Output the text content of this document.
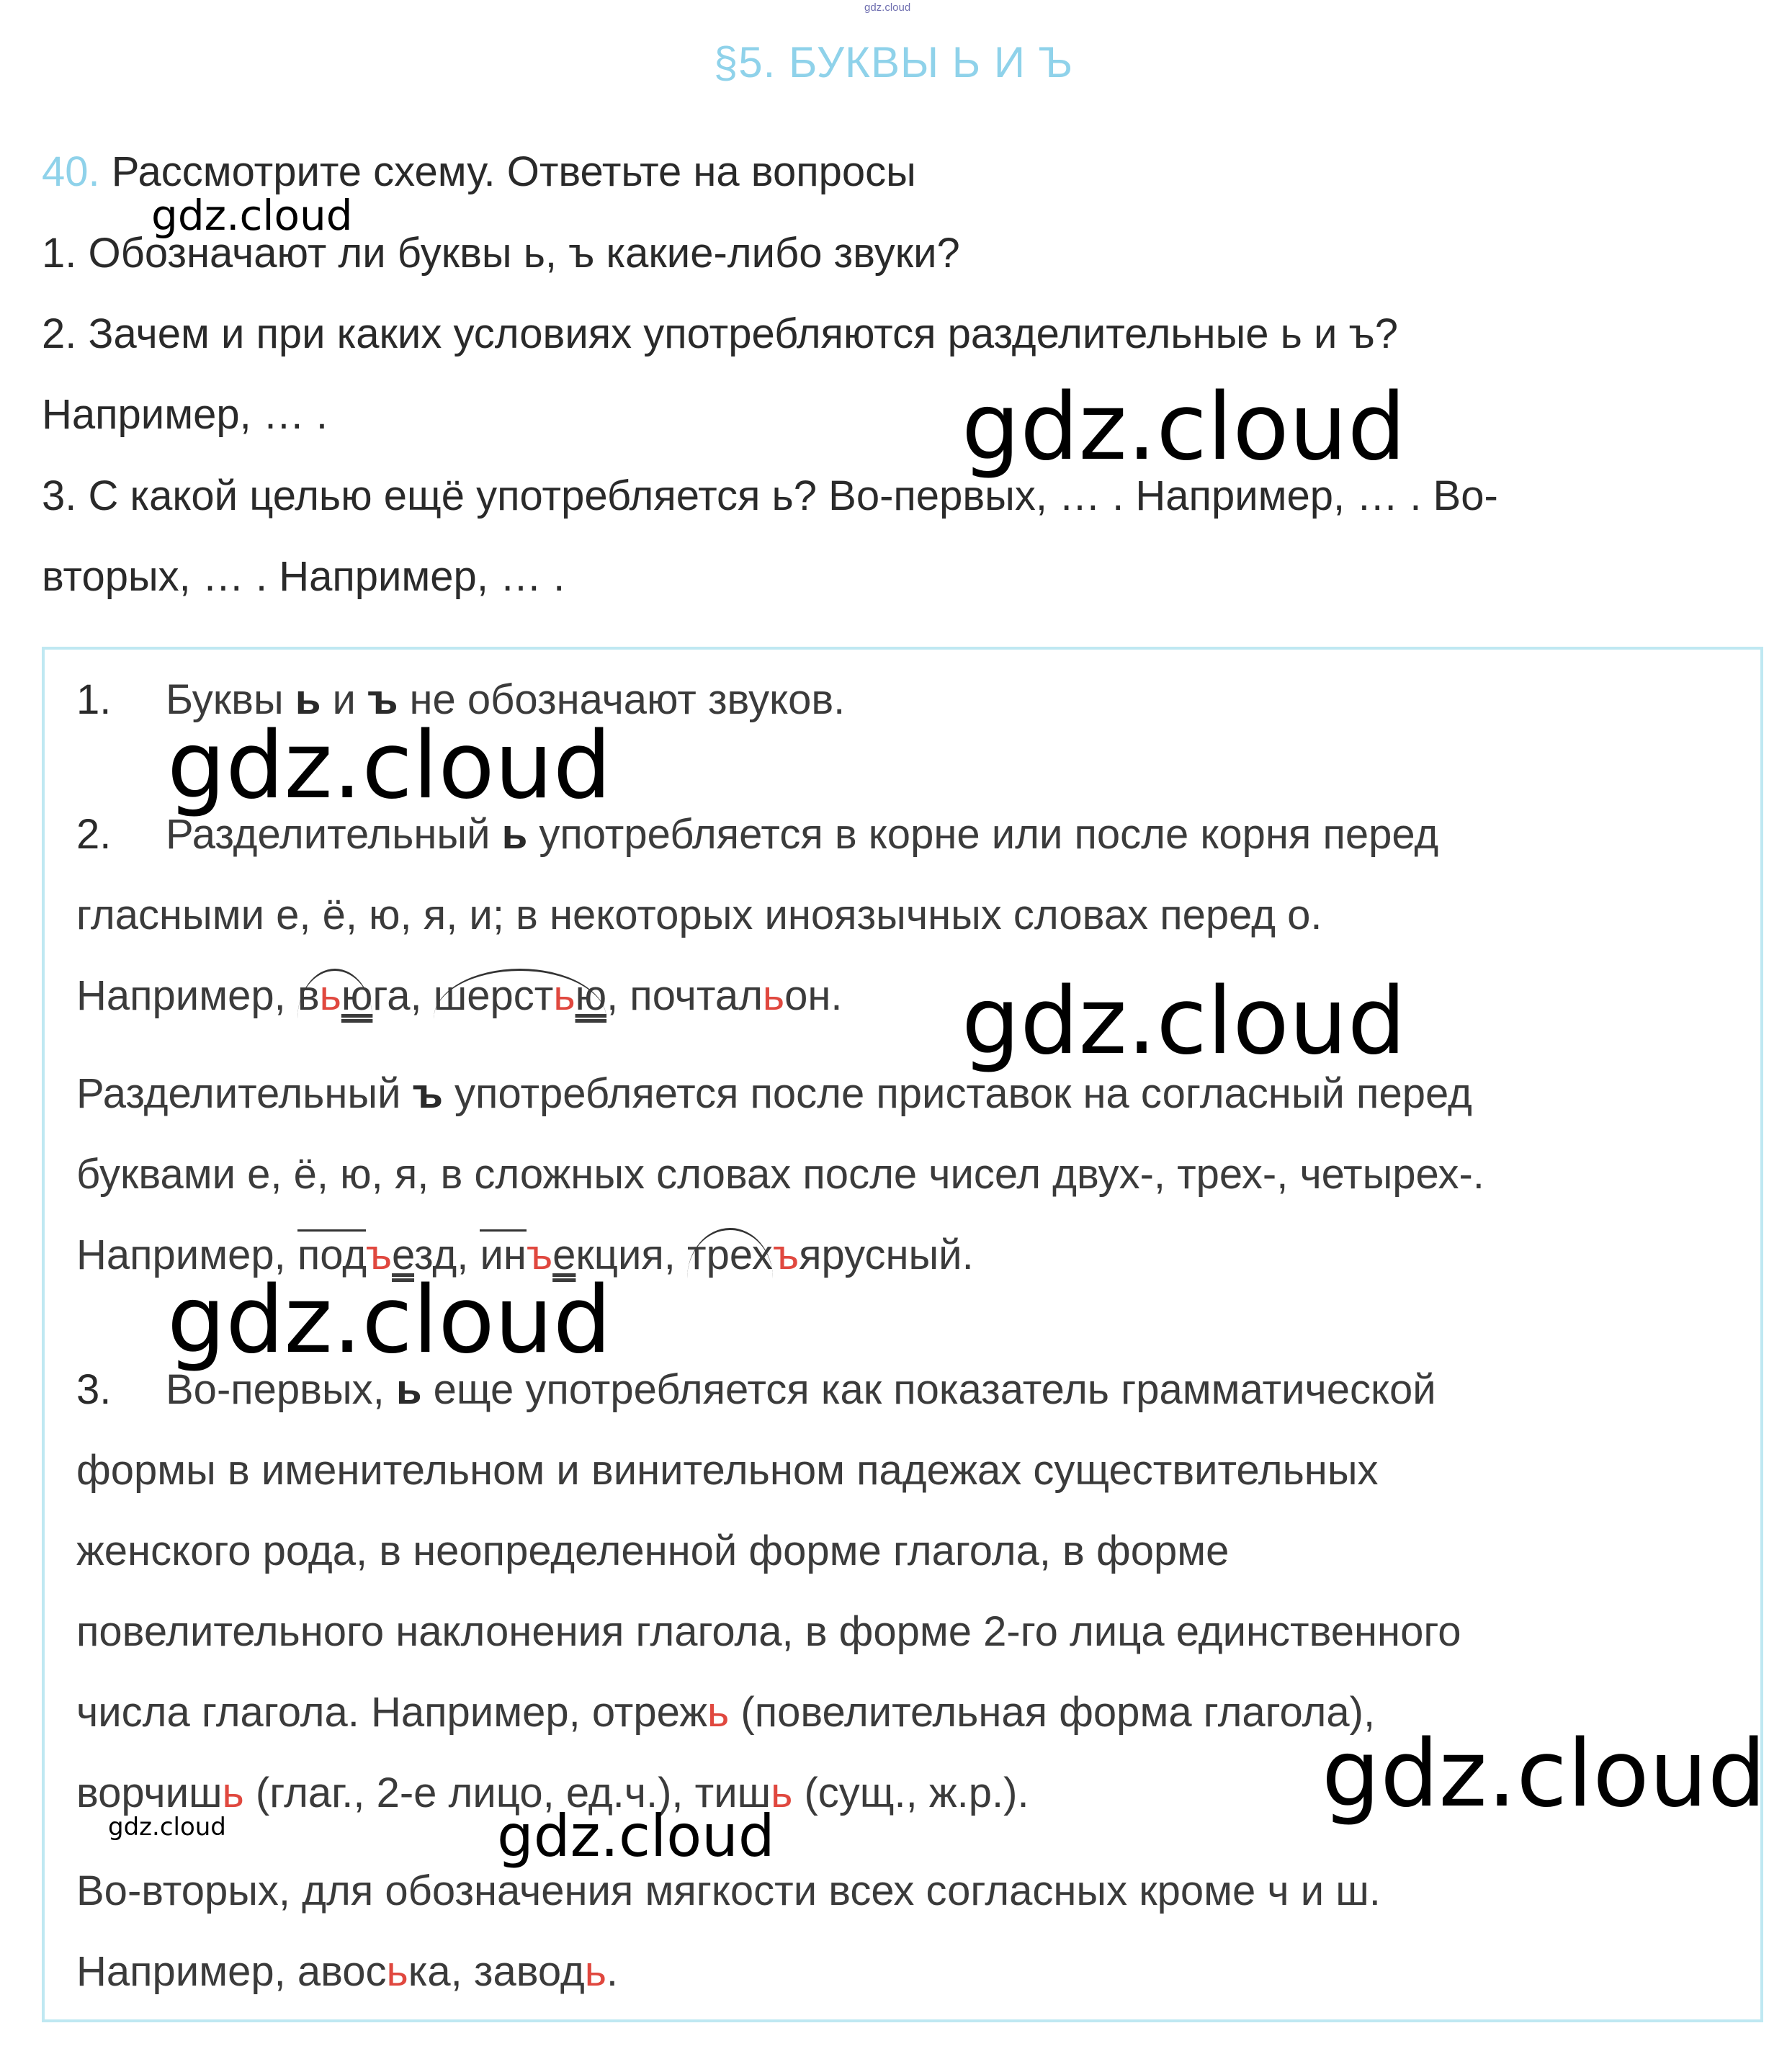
gdz.cloud
§5. БУКВЫ Ь И Ъ
40. Рассмотрите схему. Ответьте на вопросы
1. Обозначают ли буквы ь, ъ какие-либо звуки?
2. Зачем и при каких условиях употребляются разделительные ь и ъ?
Например, … .
3. С какой целью ещё употребляется ь? Во-первых, … . Например, … . Во-
вторых, … . Например, … .
1. Буквы ь и ъ не обозначают звуков.
2. Разделительный ь употребляется в корне или после корня перед
гласными е, ё, ю, я, и; в некоторых иноязычных словах перед о.
Например, вьюга, шерстью, почтальон.
Разделительный ъ употребляется после приставок на согласный перед
буквами е, ё, ю, я, в сложных словах после чисел двух-, трех-, четырех-.
Например, подъезд, инъекция, трехъярусный.
3. Во-первых, ь еще употребляется как показатель грамматической
формы в именительном и винительном падежах существительных
женского рода, в неопределенной форме глагола, в форме
повелительного наклонения глагола, в форме 2-го лица единственного
числа глагола. Например, отрежь (повелительная форма глагола),
ворчишь (глаг., 2-е лицо, ед.ч.), тишь (сущ., ж.р.).
Во-вторых, для обозначения мягкости всех согласных кроме ч и ш.
Например, авоська, заводь.
gdz.cloud
gdz.cloud
gdz.cloud
gdz.cloud
gdz.cloud
gdz.cloud
gdz.cloud	gdz.cloud
